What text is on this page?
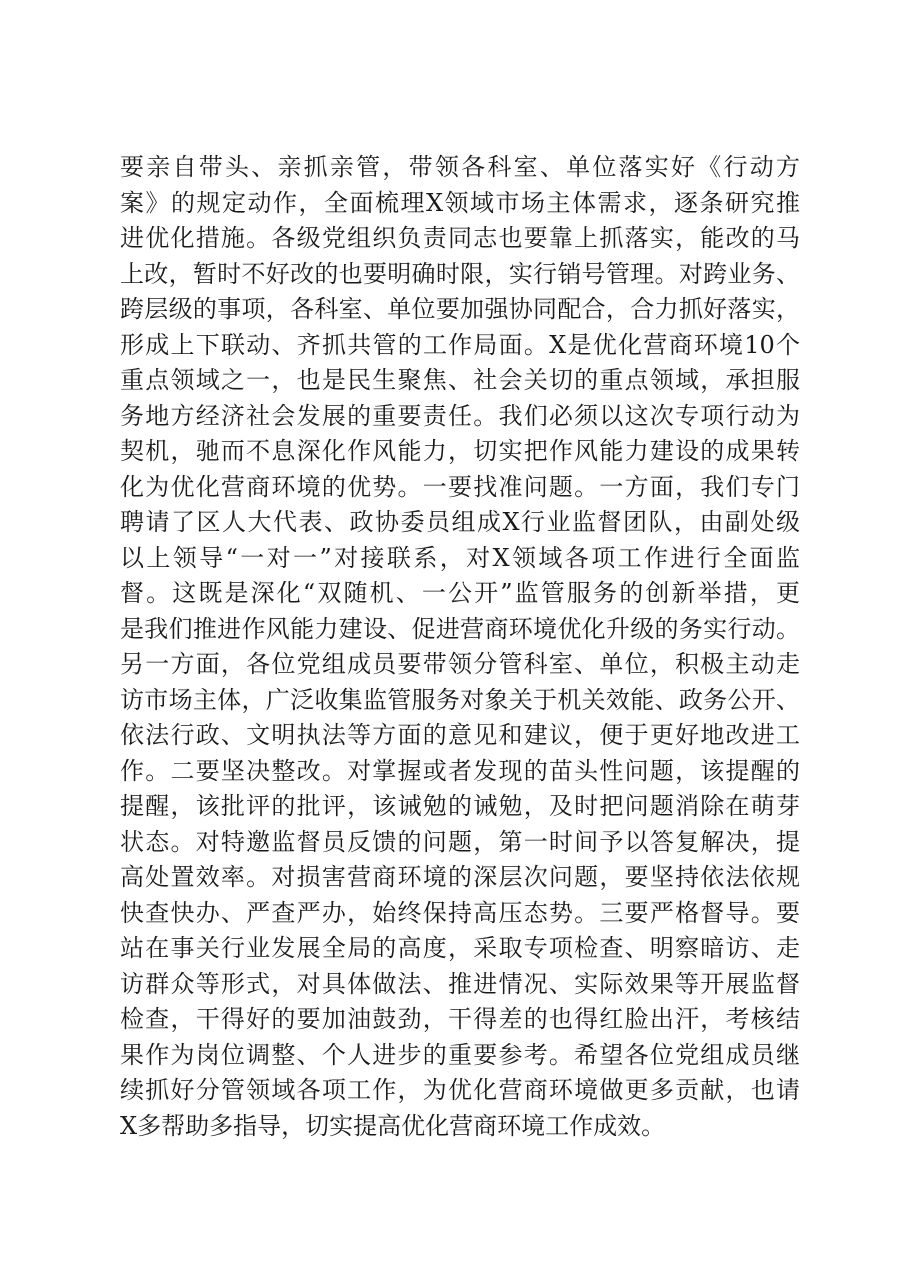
要亲自带头、亲抓亲管，带领各科室、单位落实好《行动方
案》的规定动作，全面梳理X领域市场主体需求，逐条研究推
进优化措施。各级党组织负责同志也要靠上抓落实，能改的马
上改，暂时不好改的也要明确时限，实行销号管理。对跨业务、
跨层级的事项，各科室、单位要加强协同配合，合力抓好落实，
形成上下联动、齐抓共管的工作局面。X是优化营商环境10个
重点领域之一，也是民生聚焦、社会关切的重点领域，承担服
务地方经济社会发展的重要责任。我们必须以这次专项行动为
契机，驰而不息深化作风能力，切实把作风能力建设的成果转
化为优化营商环境的优势。一要找准问题。一方面，我们专门
聘请了区人大代表、政协委员组成X行业监督团队，由副处级
以上领导“一对一”对接联系，对X领域各项工作进行全面监
督。这既是深化“双随机、一公开”监管服务的创新举措，更
是我们推进作风能力建设、促进营商环境优化升级的务实行动。
另一方面，各位党组成员要带领分管科室、单位，积极主动走
访市场主体，广泛收集监管服务对象关于机关效能、政务公开、
依法行政、文明执法等方面的意见和建议，便于更好地改进工
作。二要坚决整改。对掌握或者发现的苗头性问题，该提醒的
提醒，该批评的批评，该诫勉的诫勉，及时把问题消除在萌芽
状态。对特邀监督员反馈的问题，第一时间予以答复解决，提
高处置效率。对损害营商环境的深层次问题，要坚持依法依规
快查快办、严查严办，始终保持高压态势。三要严格督导。要
站在事关行业发展全局的高度，采取专项检查、明察暗访、走
访群众等形式，对具体做法、推进情况、实际效果等开展监督
检查，干得好的要加油鼓劲，干得差的也得红脸出汗，考核结
果作为岗位调整、个人进步的重要参考。希望各位党组成员继
续抓好分管领域各项工作，为优化营商环境做更多贡献，也请
X多帮助多指导，切实提高优化营商环境工作成效。
